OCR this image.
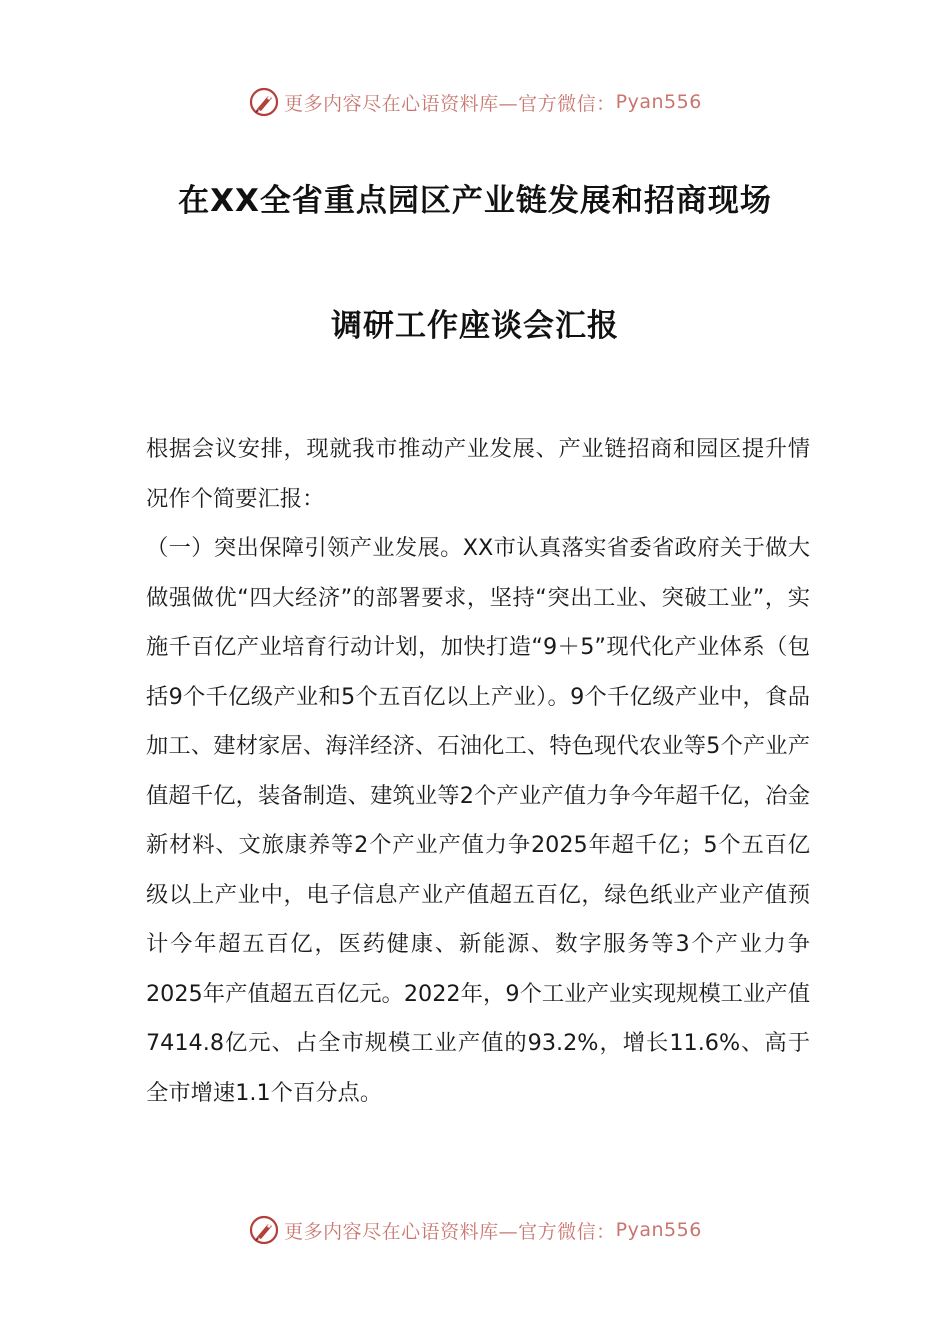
更多内容尽在心语资料库—官方微信： Pyan556
在XX全省重点园区产业链发展和招商现场
调研工作座谈会汇报

根据会议安排，现就我市推动产业发展、产业链招商和园区提升情况作个简要汇报：

（一）突出保障引领产业发展。XX市认真落实省委省政府关于做大做强做优“四大经济”的部署要求，坚持“突出工业、突破工业”，实施千百亿产业培育行动计划，加快打造“9＋5”现代化产业体系（包括9个千亿级产业和5个五百亿以上产业）。9个千亿级产业中，食品加工、建材家居、海洋经济、石油化工、特色现代农业等5个产业产值超千亿，装备制造、建筑业等2个产业产值力争今年超千亿，冶金新材料、文旅康养等2个产业产值力争2025年超千亿；5个五百亿级以上产业中，电子信息产业产值超五百亿，绿色纸业产业产值预计今年超五百亿，医药健康、新能源、数字服务等3个产业力争2025年产值超五百亿元。2022年，9个工业产业实现规模工业产值7414.8亿元、占全市规模工业产值的93.2%，增长11.6%、高于全市增速1.1个百分点。

更多内容尽在心语资料库—官方微信： Pyan556
